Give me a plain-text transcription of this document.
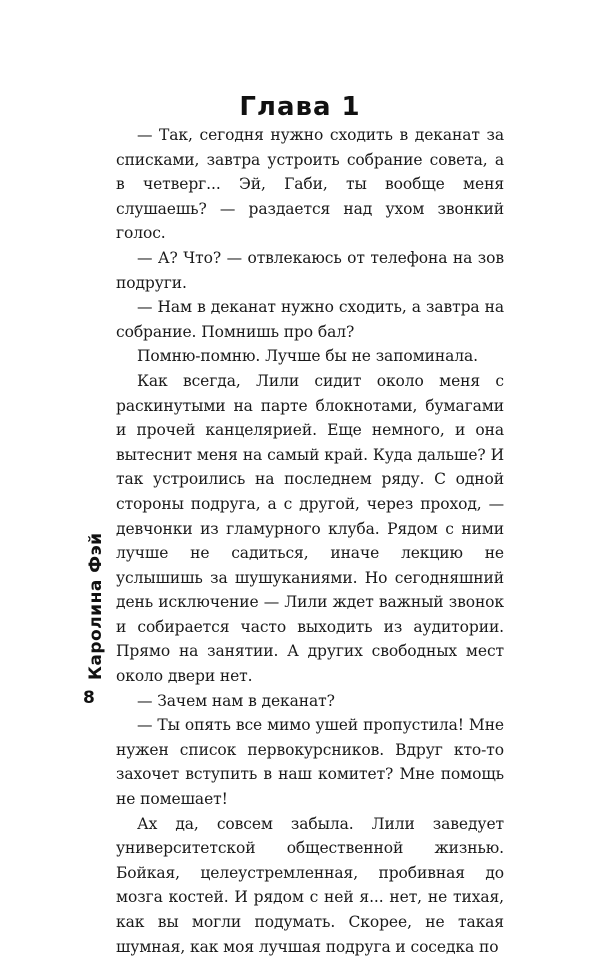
Глава 1

— Так, сегодня нужно сходить в деканат за списками, завтра устроить собрание совета, а в четверг... Эй, Габи, ты вообще меня слушаешь? — раздается над ухом звонкий голос.

— А? Что? — отвлекаюсь от телефона на зов подруги.

— Нам в деканат нужно сходить, а завтра на собрание. Помнишь про бал?

Помню-помню. Лучше бы не запоминала.

Как всегда, Лили сидит около меня с раскинутыми на парте блокнотами, бумагами и прочей канцелярией. Еще немного, и она вытеснит меня на самый край. Куда дальше? И так устроились на последнем ряду. С одной стороны подруга, а с другой, через проход, — девчонки из гламурного клуба. Рядом с ними лучше не садиться, иначе лекцию не услышишь за шушуканиями. Но сегодняшний день исключение — Лили ждет важный звонок и собирается часто выходить из аудитории. Прямо на занятии. А других свободных мест около двери нет.

— Зачем нам в деканат?

— Ты опять все мимо ушей пропустила! Мне нужен список первокурсников. Вдруг кто-то захочет вступить в наш комитет? Мне помощь не помешает!

Ах да, совсем забыла. Лили заведует университетской общественной жизнью. Бойкая, целеустремленная, пробивная до мозга костей. И рядом с ней я... нет, не тихая, как вы могли подумать. Скорее, не такая шумная, как моя лучшая подруга и соседка по

Каролина Фэй
8
